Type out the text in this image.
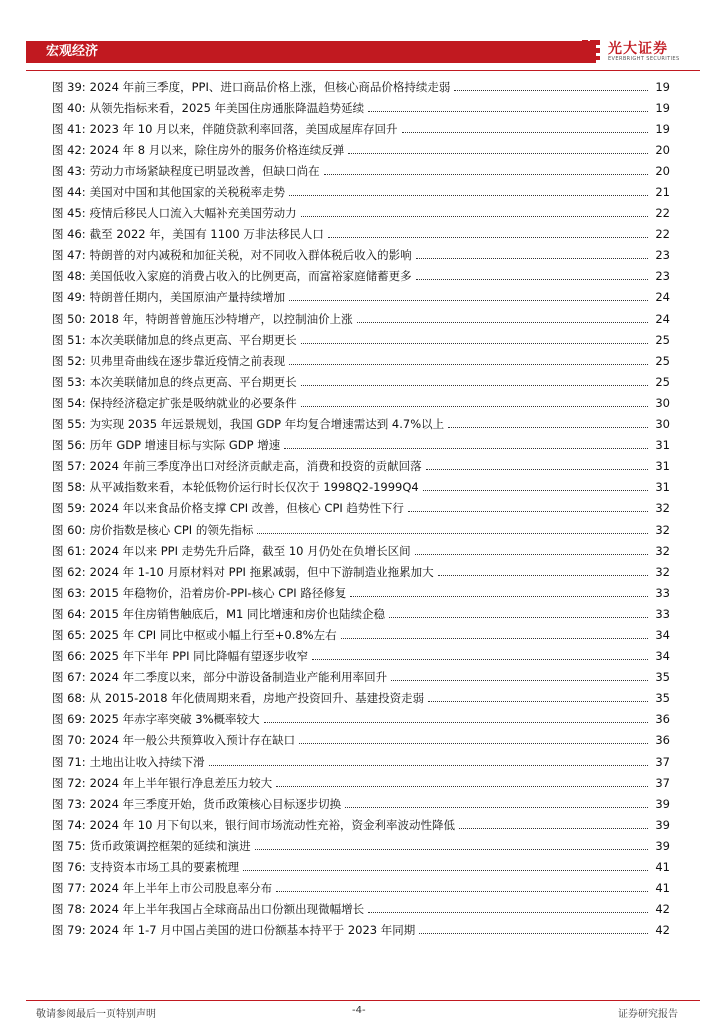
宏观经济	光大证券
EVERBRIGHT SECURITIES
图 39: 2024 年前三季度，PPI、进口商品价格上涨，但核心商品价格持续走弱	19
图 40: 从领先指标来看，2025 年美国住房通胀降温趋势延续	19
图 41: 2023 年 10 月以来，伴随贷款利率回落，美国成屋库存回升	19
图 42: 2024 年 8 月以来，除住房外的服务价格连续反弹	20
图 43: 劳动力市场紧缺程度已明显改善，但缺口尚在	20
图 44: 美国对中国和其他国家的关税税率走势	21
图 45: 疫情后移民人口流入大幅补充美国劳动力	22
图 46: 截至 2022 年，美国有 1100 万非法移民人口	22
图 47: 特朗普的对内减税和加征关税，对不同收入群体税后收入的影响	23
图 48: 美国低收入家庭的消费占收入的比例更高，而富裕家庭储蓄更多	23
图 49: 特朗普任期内，美国原油产量持续增加	24
图 50: 2018 年，特朗普曾施压沙特增产，以控制油价上涨	24
图 51: 本次美联储加息的终点更高、平台期更长	25
图 52: 贝弗里奇曲线在逐步靠近疫情之前表现	25
图 53: 本次美联储加息的终点更高、平台期更长	25
图 54: 保持经济稳定扩张是吸纳就业的必要条件	30
图 55: 为实现 2035 年远景规划，我国 GDP 年均复合增速需达到 4.7%以上	30
图 56: 历年 GDP 增速目标与实际 GDP 增速	31
图 57: 2024 年前三季度净出口对经济贡献走高，消费和投资的贡献回落	31
图 58: 从平减指数来看，本轮低物价运行时长仅次于 1998Q2-1999Q4	31
图 59: 2024 年以来食品价格支撑 CPI 改善，但核心 CPI 趋势性下行	32
图 60: 房价指数是核心 CPI 的领先指标	32
图 61: 2024 年以来 PPI 走势先升后降，截至 10 月仍处在负增长区间	32
图 62: 2024 年 1-10 月原材料对 PPI 拖累减弱，但中下游制造业拖累加大	32
图 63: 2015 年稳物价，沿着房价-PPI-核心 CPI 路径修复	33
图 64: 2015 年住房销售触底后，M1 同比增速和房价也陆续企稳	33
图 65: 2025 年 CPI 同比中枢或小幅上行至+0.8%左右	34
图 66: 2025 年下半年 PPI 同比降幅有望逐步收窄	34
图 67: 2024 年二季度以来，部分中游设备制造业产能利用率回升	35
图 68: 从 2015-2018 年化债周期来看，房地产投资回升、基建投资走弱	35
图 69: 2025 年赤字率突破 3%概率较大	36
图 70: 2024 年一般公共预算收入预计存在缺口	36
图 71: 土地出让收入持续下滑	37
图 72: 2024 年上半年银行净息差压力较大	37
图 73: 2024 年三季度开始，货币政策核心目标逐步切换	39
图 74: 2024 年 10 月下旬以来，银行间市场流动性充裕，资金利率波动性降低	39
图 75: 货币政策调控框架的延续和演进	39
图 76: 支持资本市场工具的要素梳理	41
图 77: 2024 年上半年上市公司股息率分布	41
图 78: 2024 年上半年我国占全球商品出口份额出现微幅增长	42
图 79: 2024 年 1-7 月中国占美国的进口份额基本持平于 2023 年同期	42
敬请参阅最后一页特别声明	-4-	证券研究报告
